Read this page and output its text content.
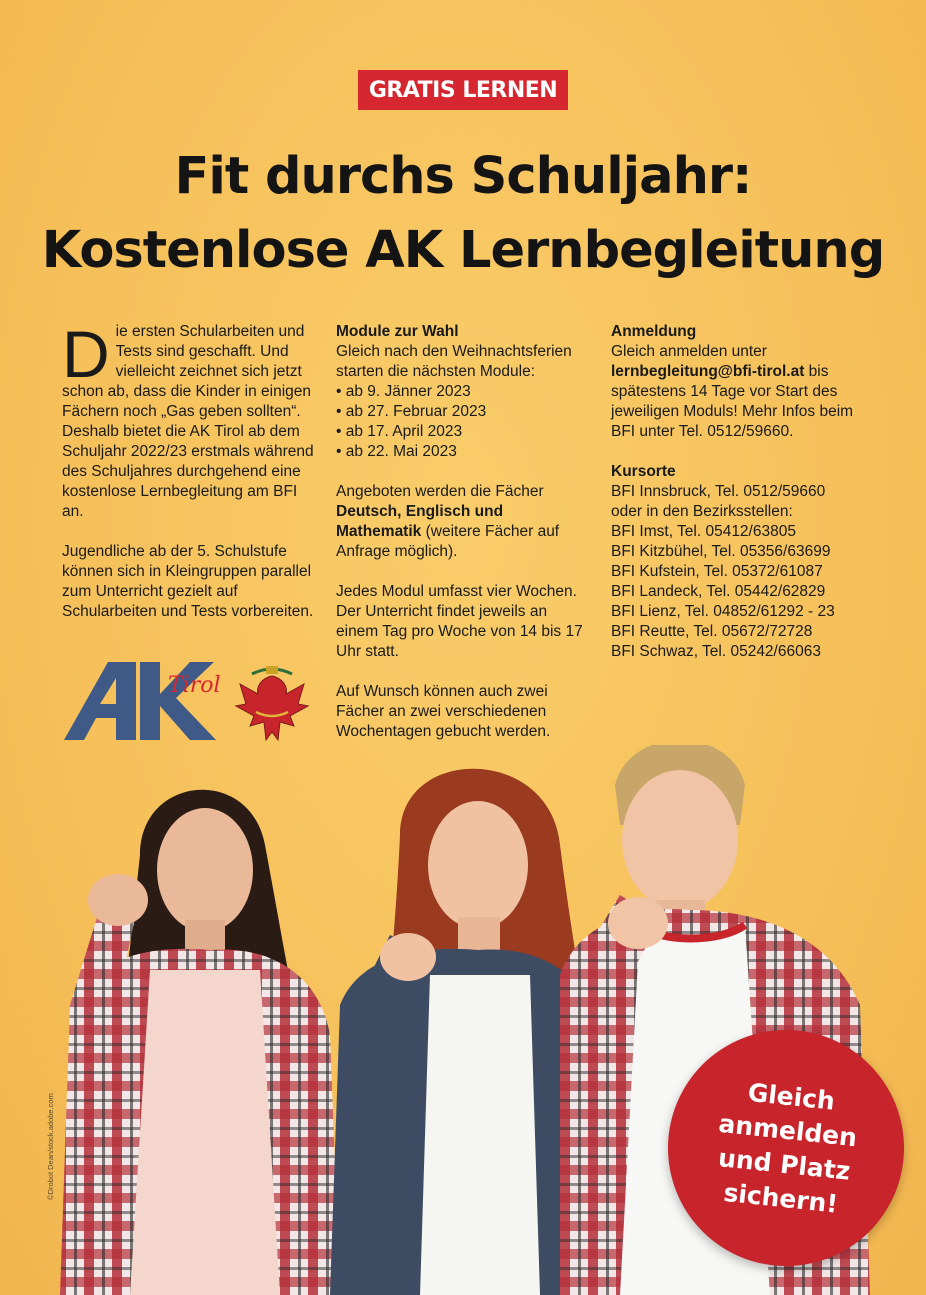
GRATIS LERNEN
Fit durchs Schuljahr:
Kostenlose AK Lernbegleitung

Die ersten Schularbeiten und Tests sind geschafft. Und vielleicht zeichnet sich jetzt schon ab, dass die Kinder in einigen Fächern noch „Gas geben sollten“. Deshalb bietet die AK Tirol ab dem Schuljahr 2022/23 erstmals während des Schuljahres durchgehend eine kostenlose Lernbegleitung am BFI an.

Jugendliche ab der 5. Schulstufe können sich in Kleingruppen parallel zum Unterricht gezielt auf Schularbeiten und Tests vorbereiten.

Module zur Wahl

Gleich nach den Weihnachtsferien starten die nächsten Module:

• ab 9. Jänner 2023
• ab 27. Februar 2023
• ab 17. April 2023
• ab 22. Mai 2023

Angeboten werden die Fächer Deutsch, Englisch und Mathematik (weitere Fächer auf Anfrage möglich).

Jedes Modul umfasst vier Wochen. Der Unterricht findet jeweils an einem Tag pro Woche von 14 bis 17 Uhr statt.

Auf Wunsch können auch zwei Fächer an zwei verschiedenen Wochentagen gebucht werden.

Anmeldung

Gleich anmelden unter lernbegleitung@bfi-tirol.at bis spätestens 14 Tage vor Start des jeweiligen Moduls! Mehr Infos beim BFI unter Tel. 0512/59660.

Kursorte

BFI Innsbruck, Tel. 0512/59660

oder in den Bezirksstellen:

BFI Imst, Tel. 05412/63805

BFI Kitzbühel, Tel. 05356/63699

BFI Kufstein, Tel. 05372/61087

BFI Landeck, Tel. 05442/62829

BFI Lienz, Tel. 04852/61292 - 23

BFI Reutte, Tel. 05672/72728

BFI Schwaz, Tel. 05242/66063

Tirol
Gleich anmelden und Platz sichern!
©Drobot Dean/stock.adobe.com
